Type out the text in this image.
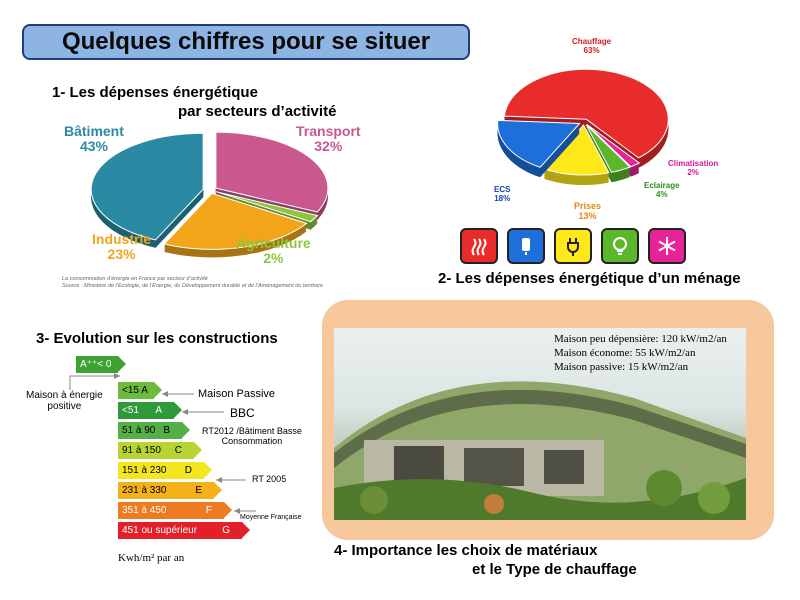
Quelques chiffres pour se situer
1- Les dépenses énergétique
par secteurs d’activité
Bâtiment
43%
Transport
32%
Industrie
23%
Agriculture
2%
La consommation d’énergie en France par secteur d’activité
Source : Ministère de l’Ecologie, de l’Energie, du Développement durable et de l’Aménagement du territoire
Chauffage
63%
Climatisation
2%
Eclairage
4%
Prises
13%
ECS
18%
2- Les dépenses énergétique d’un ménage
3- Evolution sur les constructions
A⁺⁺< 0
<15 A
<51 A
51 à 90 B
91 à 150 C
151 à 230 D
231 à 330	E
351 à 450	F
451 ou supérieur	G
Maison à énergie
positive
Maison Passive
BBC
RT2012 /Bâtiment Basse
Consommation
RT 2005
Moyenne Française
Kwh/m² par an
Maison peu dépensière: 120 kW/m2/an
Maison économe: 55 kW/m2/an
Maison passive: 15 kW/m2/an
4- Importance les choix de matériaux
et le Type de chauffage
